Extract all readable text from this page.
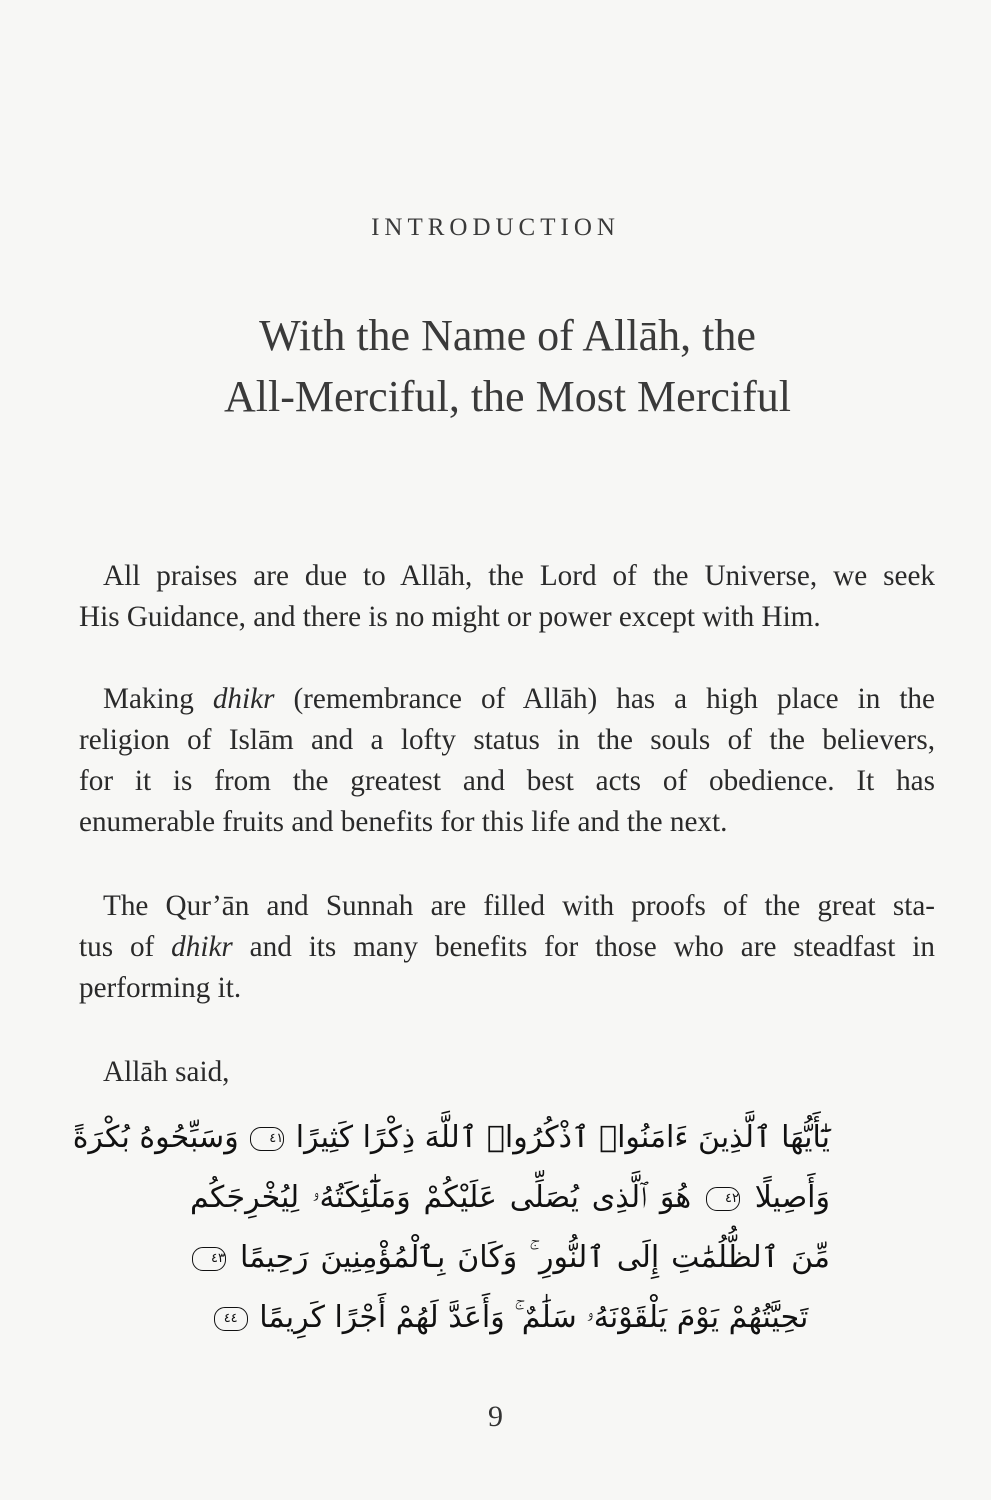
INTRODUCTION
With the Name of Allāh, the
All-Merciful, the Most Merciful
All praises are due to Allāh, the Lord of the Universe, we seek
His Guidance, and there is no might or power except with Him.
Making dhikr (remembrance of Allāh) has a high place in the
religion of Islām and a lofty status in the souls of the believers,
for it is from the greatest and best acts of obedience. It has
enumerable fruits and benefits for this life and the next.
The Qur’ān and Sunnah are filled with proofs of the great sta-
tus of dhikr and its many benefits for those who are steadfast in
performing it.
Allāh said,
يَٰٓأَيُّهَا ٱلَّذِينَ ءَامَنُوا۟ ٱذْكُرُوا۟ ٱللَّهَ ذِكْرًا كَثِيرًا ٤١ وَسَبِّحُوهُ بُكْرَةً
وَأَصِيلًا ٤٢ هُوَ ٱلَّذِى يُصَلِّى عَلَيْكُمْ وَمَلَٰٓئِكَتُهُۥ لِيُخْرِجَكُم
مِّنَ ٱلظُّلُمَٰتِ إِلَى ٱلنُّورِ ۚ وَكَانَ بِٱلْمُؤْمِنِينَ رَحِيمًا ٤٣
تَحِيَّتُهُمْ يَوْمَ يَلْقَوْنَهُۥ سَلَٰمٌ ۚ وَأَعَدَّ لَهُمْ أَجْرًا كَرِيمًا ٤٤
9
